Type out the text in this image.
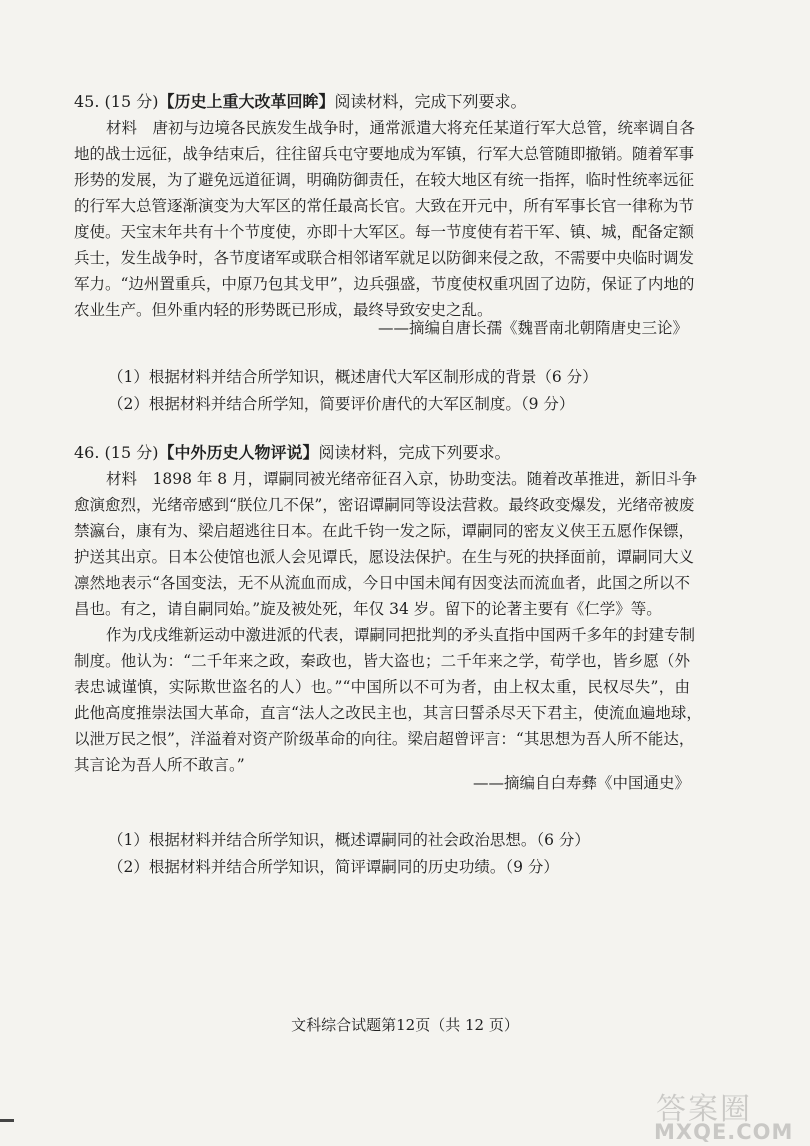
45. (15 分)【历史上重大改革回眸】阅读材料，完成下列要求。
材料　唐初与边境各民族发生战争时，通常派遣大将充任某道行军大总管，统率调自各
地的战士远征，战争结束后，往往留兵屯守要地成为军镇，行军大总管随即撤销。随着军事
形势的发展，为了避免远道征调，明确防御责任，在较大地区有统一指挥，临时性统率远征
的行军大总管逐渐演变为大军区的常任最高长官。大致在开元中，所有军事长官一律称为节
度使。天宝末年共有十个节度使，亦即十大军区。每一节度使有若干军、镇、城，配备定额
兵士，发生战争时，各节度诸军或联合相邻诸军就足以防御来侵之敌，不需要中央临时调发
军力。“边州置重兵，中原乃包其戈甲”，边兵强盛，节度使权重巩固了边防，保证了内地的
农业生产。但外重内轻的形势既已形成，最终导致安史之乱。
——摘编自唐长孺《魏晋南北朝隋唐史三论》
（1）根据材料并结合所学知识，概述唐代大军区制形成的背景（6 分）
（2）根据材料并结合所学知，简要评价唐代的大军区制度。（9 分）
46. (15 分)【中外历史人物评说】阅读材料，完成下列要求。
材料　1898 年 8 月，谭嗣同被光绪帝征召入京，协助变法。随着改革推进，新旧斗争
愈演愈烈，光绪帝感到“朕位几不保”，密诏谭嗣同等设法营救。最终政变爆发，光绪帝被废
禁瀛台，康有为、梁启超逃往日本。在此千钧一发之际，谭嗣同的密友义侠王五愿作保镖，
护送其出京。日本公使馆也派人会见谭氏，愿设法保护。在生与死的抉择面前，谭嗣同大义
凛然地表示“各国变法，无不从流血而成，今日中国未闻有因变法而流血者，此国之所以不
昌也。有之，请自嗣同始。”旋及被处死，年仅 34 岁。留下的论著主要有《仁学》等。
作为戊戌维新运动中激进派的代表，谭嗣同把批判的矛头直指中国两千多年的封建专制
制度。他认为：“二千年来之政，秦政也，皆大盗也；二千年来之学，荀学也，皆乡愿（外
表忠诚谨慎，实际欺世盗名的人）也。”“中国所以不可为者，由上权太重，民权尽失”，由
此他高度推崇法国大革命，直言“法人之改民主也，其言曰誓杀尽天下君主，使流血遍地球，
以泄万民之恨”，洋溢着对资产阶级革命的向往。梁启超曾评言：“其思想为吾人所不能达，
其言论为吾人所不敢言。”
——摘编自白寿彝《中国通史》
（1）根据材料并结合所学知识，概述谭嗣同的社会政治思想。（6 分）
（2）根据材料并结合所学知识，简评谭嗣同的历史功绩。（9 分）
文科综合试题第12页（共 12 页）
答案圈
MXQE.COM
